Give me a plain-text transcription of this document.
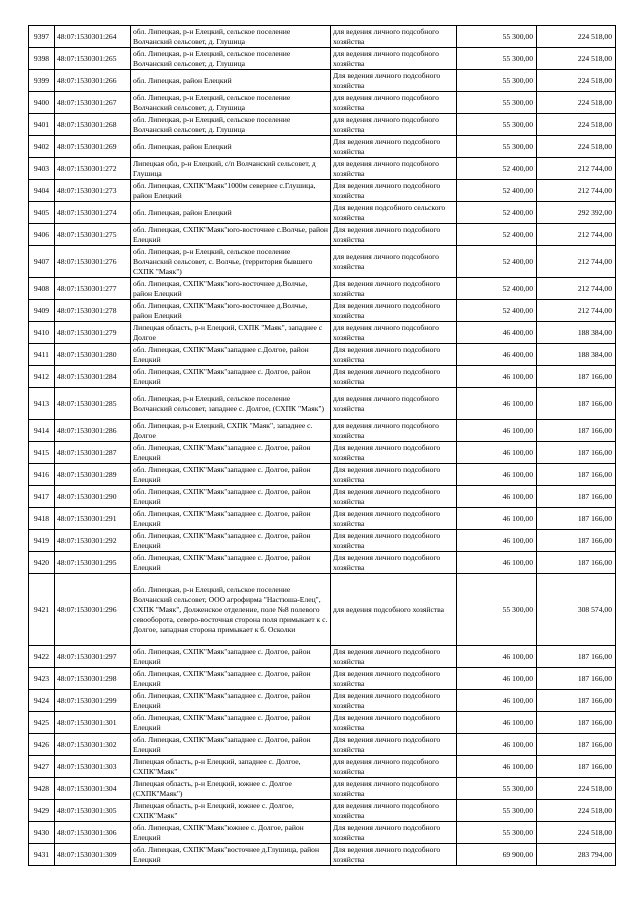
9397	48:07:1530301:264	обл. Липецкая, р-н Елецкий, сельское поселение Волчанский сельсовет, д. Глушица	для ведения личного подсобного хозяйства	55 300,00	224 518,00
9398	48:07:1530301:265	обл. Липецкая, р-н Елецкий, сельское поселение Волчанский сельсовет, д. Глушица	для ведения личного подсобного хозяйства	55 300,00	224 518,00
9399	48:07:1530301:266	обл. Липецкая, район Елецкий	Для ведения личного подсобного хозяйства	55 300,00	224 518,00
9400	48:07:1530301:267	обл. Липецкая, р-н Елецкий, сельское поселение Волчанский сельсовет, д. Глушица	для ведения личного подсобного хозяйства	55 300,00	224 518,00
9401	48:07:1530301:268	обл. Липецкая, р-н Елецкий, сельское поселение Волчанский сельсовет, д. Глушица	для ведения личного подсобного хозяйства	55 300,00	224 518,00
9402	48:07:1530301:269	обл. Липецкая, район Елецкий	Для ведения личного подсобного хозяйства	55 300,00	224 518,00
9403	48:07:1530301:272	Липецкая обл, р-н Елецкий, с/п Волчанский сельсовет, д Глушица	для ведения личного подсобного хозяйства	52 400,00	212 744,00
9404	48:07:1530301:273	обл. Липецкая, СХПК"Маяк"1000м севернее с.Глушица, район Елецкий	Для ведения личного подсобного хозяйства	52 400,00	212 744,00
9405	48:07:1530301:274	обл. Липецкая, район Елецкий	Для ведения подсобного сельского хозяйства	52 400,00	292 392,00
9406	48:07:1530301:275	обл. Липецкая, СХПК"Маяк"юго-восточнее с.Волчье, район Елецкий	Для ведения личного подсобного хозяйства	52 400,00	212 744,00
9407	48:07:1530301:276	обл. Липецкая, р-н Елецкий, сельское поселение Волчанский сельсовет, с. Волчье, (территория бывшего СХПК "Маяк")	для ведения личного подсобного хозяйства	52 400,00	212 744,00
9408	48:07:1530301:277	обл. Липецкая, СХПК"Маяк"юго-восточнее д.Волчье, район Елецкий	Для ведения личного подсобного хозяйства	52 400,00	212 744,00
9409	48:07:1530301:278	обл. Липецкая, СХПК"Маяк"юго-восточнее д.Волчье, район Елецкий	Для ведения личного подсобного хозяйства	52 400,00	212 744,00
9410	48:07:1530301:279	Липецкая область, р-н Елецкий, СХПК "Маяк", западнее с Долгое	для ведения личного подсобного хозяйства	46 400,00	188 384,00
9411	48:07:1530301:280	обл. Липецкая, СХПК"Маяк"западнее с.Долгое, район Елецкий	Для ведения личного подсобного хозяйства	46 400,00	188 384,00
9412	48:07:1530301:284	обл. Липецкая, СХПК"Маяк"западнее с. Долгое, район Елецкий	Для ведения личного подсобного хозяйства	46 100,00	187 166,00
9413	48:07:1530301:285	обл. Липецкая, р-н Елецкий, сельское поселение Волчанский сельсовет, западнее с. Долгое, (СХПК "Маяк")	для ведения личного подсобного хозяйства	46 100,00	187 166,00
9414	48:07:1530301:286	обл. Липецкая, р-н Елецкий, СХПК "Маяк", западнее с. Долгое	для ведения личного подсобного хозяйства	46 100,00	187 166,00
9415	48:07:1530301:287	обл. Липецкая, СХПК"Маяк"западнее с. Долгое, район Елецкий	Для ведения личного подсобного хозяйства	46 100,00	187 166,00
9416	48:07:1530301:289	обл. Липецкая, СХПК"Маяк"западнее с. Долгое, район Елецкий	Для ведения личного подсобного хозяйства	46 100,00	187 166,00
9417	48:07:1530301:290	обл. Липецкая, СХПК"Маяк"западнее с. Долгое, район Елецкий	Для ведения личного подсобного хозяйства	46 100,00	187 166,00
9418	48:07:1530301:291	обл. Липецкая, СХПК"Маяк"западнее с. Долгое, район Елецкий	Для ведения личного подсобного хозяйства	46 100,00	187 166,00
9419	48:07:1530301:292	обл. Липецкая, СХПК"Маяк"западнее с. Долгое, район Елецкий	Для ведения личного подсобного хозяйства	46 100,00	187 166,00
9420	48:07:1530301:295	обл. Липецкая, СХПК"Маяк"западнее с. Долгое, район Елецкий	Для ведения личного подсобного хозяйства	46 100,00	187 166,00
9421	48:07:1530301:296	обл. Липецкая, р-н Елецкий, сельское поселение Волчанский сельсовет, ООО агрофирма "Настюша-Елец", СХПК "Маяк", Долженское отделение, поле №8 полевого севооборота, северо-восточная сторона поля примыкает к с. Долгое, западная сторона примыкает к б. Осколки	для ведения подсобного хозяйства	55 300,00	308 574,00
9422	48:07:1530301:297	обл. Липецкая, СХПК"Маяк"западнее с. Долгое, район Елецкий	Для ведения личного подсобного хозяйства	46 100,00	187 166,00
9423	48:07:1530301:298	обл. Липецкая, СХПК"Маяк"западнее с. Долгое, район Елецкий	Для ведения личного подсобного хозяйства	46 100,00	187 166,00
9424	48:07:1530301:299	обл. Липецкая, СХПК"Маяк"западнее с. Долгое, район Елецкий	Для ведения личного подсобного хозяйства	46 100,00	187 166,00
9425	48:07:1530301:301	обл. Липецкая, СХПК"Маяк"западнее с. Долгое, район Елецкий	Для ведения личного подсобного хозяйства	46 100,00	187 166,00
9426	48:07:1530301:302	обл. Липецкая, СХПК"Маяк"западнее с. Долгое, район Елецкий	Для ведения личного подсобного хозяйства	46 100,00	187 166,00
9427	48:07:1530301:303	Липецкая область, р-н Елецкий, западнее с. Долгое, СХПК"Маяк"	для ведения личного подсобного хозяйства	46 100,00	187 166,00
9428	48:07:1530301:304	Липецкая область, р-н Елецкий, южнее с. Долгое (СХПК"Маяк")	для ведения личного подсобного хозяйства	55 300,00	224 518,00
9429	48:07:1530301:305	Липецкая область, р-н Елецкий, южнее с. Долгое, СХПК"Маяк"	для ведения личного подсобного хозяйства	55 300,00	224 518,00
9430	48:07:1530301:306	обл. Липецкая, СХПК"Маяк"южнее с. Долгое, район Елецкий	Для ведения личного подсобного хозяйства	55 300,00	224 518,00
9431	48:07:1530301:309	обл. Липецкая, СХПК"Маяк"восточнее д.Глушица, район Елецкий	Для ведения личного подсобного хозяйства	69 900,00	283 794,00
